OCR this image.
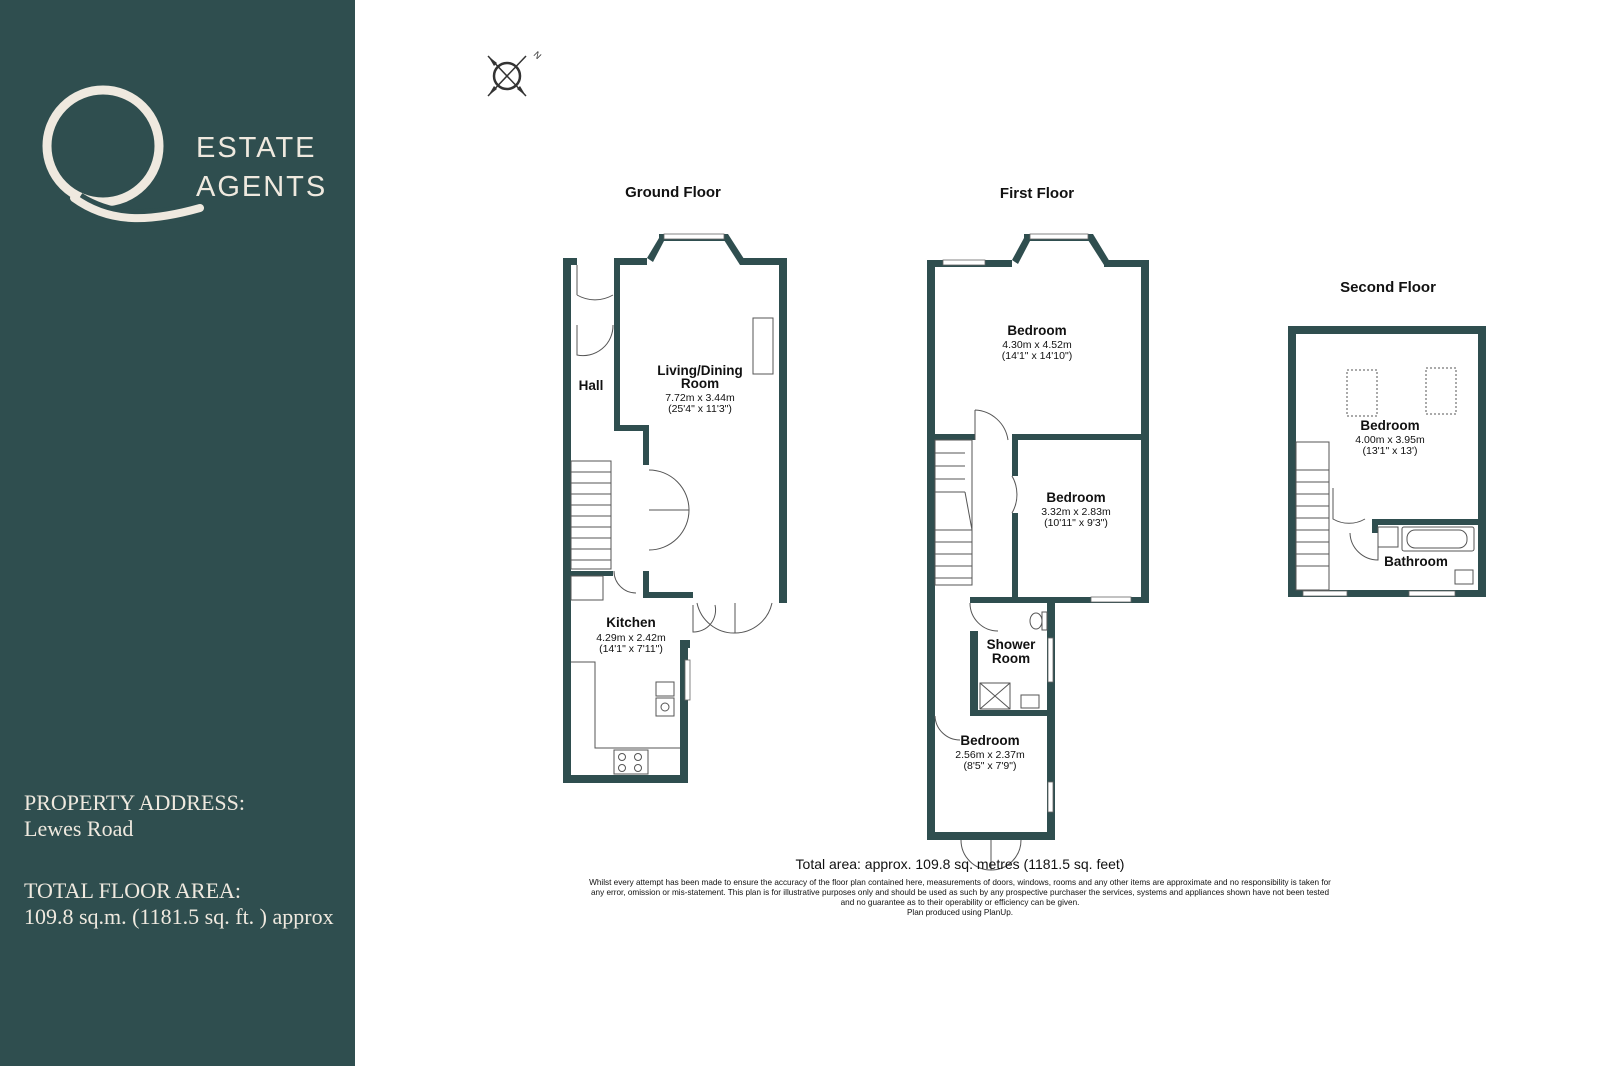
ESTATE
AGENTS
PROPERTY ADDRESS:
Lewes Road
TOTAL FLOOR AREA:
109.8 sq.m. (1181.5 sq. ft. ) approx
N
Ground Floor
Hall
Living/Dining
Room
7.72m x 3.44m
(25'4" x 11'3")
Kitchen
4.29m x 2.42m
(14'1" x 7'11")
First Floor
Bedroom
4.30m x 4.52m
(14'1" x 14'10")
Bedroom
3.32m x 2.83m
(10'11" x 9'3")
Shower
Room
Bedroom
2.56m x 2.37m
(8'5" x 7'9")
Second Floor
Bedroom
4.00m x 3.95m
(13'1" x 13')
Bathroom
Total area: approx. 109.8 sq. metres (1181.5 sq. feet)
Whilst every attempt has been made to ensure the accuracy of the floor plan contained here, measurements of doors, windows, rooms and any other items are approximate and no responsibility is taken for
any error, omission or mis-statement. This plan is for illustrative purposes only and should be used as such by any prospective purchaser the services, systems and appliances shown have not been tested
and no guarantee as to their operability or efficiency can be given.
Plan produced using PlanUp.
